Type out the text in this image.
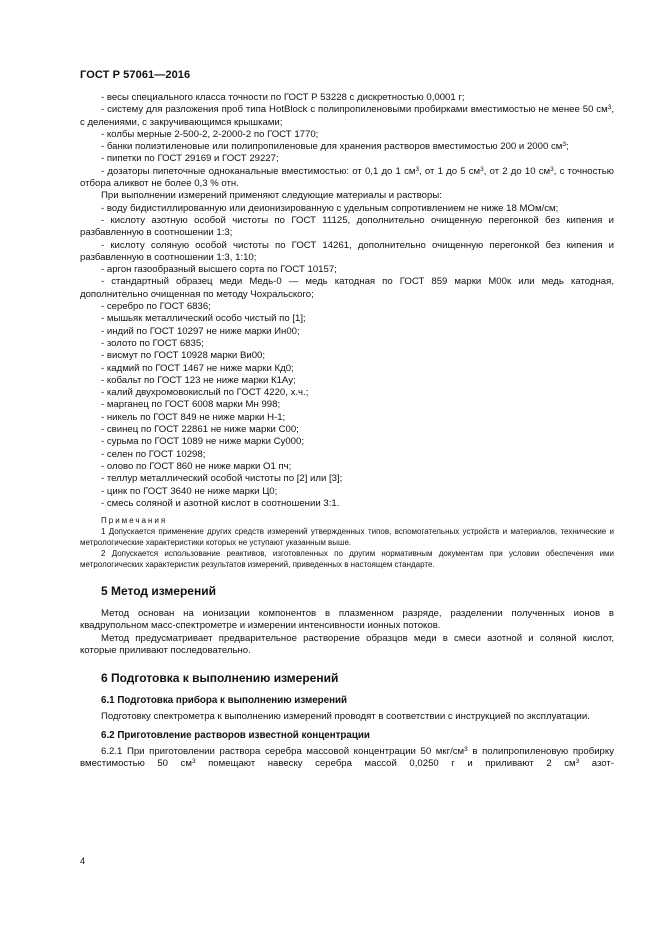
ГОСТ Р 57061—2016

- весы специального класса точности по ГОСТ Р 53228 с дискретностью 0,0001 г;

- систему для разложения проб типа HotBlock с полипропиленовыми пробирками вместимостью не менее 50 $см^3$, с делениями, с закручивающимся крышками;

- колбы мерные 2-500-2, 2-2000-2 по ГОСТ 1770;

- банки полиэтиленовые или полипропиленовые для хранения растворов вместимостью 200 и 2000 $см^3$;

- пипетки по ГОСТ 29169 и ГОСТ 29227;

- дозаторы пипеточные одноканальные вместимостью: от 0,1 до 1 $см^3$, от 1 до 5 $см^3$, от 2 до 10 $см^3$, с точностью отбора аликвот не более 0,3 % отн.

При выполнении измерений применяют следующие материалы и растворы:

- воду бидистиллированную или деионизированную с удельным сопротивлением не ниже 18 МОм/см;

- кислоту азотную особой чистоты по ГОСТ 11125, дополнительно очищенную перегонкой без кипения и разбавленную в соотношении 1:3;

- кислоту соляную особой чистоты по ГОСТ 14261, дополнительно очищенную перегонкой без кипения и разбавленную в соотношении 1:3, 1:10;

- аргон газообразный высшего сорта по ГОСТ 10157;

- стандартный образец меди Медь-0 — медь катодная по ГОСТ 859 марки М00к или медь катодная, дополнительно очищенная по методу Чохральского;

- серебро по ГОСТ 6836;

- мышьяк металлический особо чистый по [1];

- индий по ГОСТ 10297 не ниже марки Ин00;

- золото по ГОСТ 6835;

- висмут по ГОСТ 10928 марки Ви00;

- кадмий по ГОСТ 1467 не ниже марки Кд0;

- кобальт по ГОСТ 123 не ниже марки К1Ау;

- калий двухромовокислый по ГОСТ 4220, х.ч.;

- марганец по ГОСТ 6008 марки Мн 998;

- никель по ГОСТ 849 не ниже марки Н-1;

- свинец по ГОСТ 22861 не ниже марки С00;

- сурьма по ГОСТ 1089 не ниже марки Су000;

- селен по ГОСТ 10298;

- олово по ГОСТ 860 не ниже марки О1 пч;

- теллур металлический особой чистоты по [2] или [3];

- цинк по ГОСТ 3640 не ниже марки Ц0;

- смесь соляной и азотной кислот в соотношении 3:1.

Примечания

1 Допускается применение других средств измерений утвержденных типов, вспомогательных устройств и материалов, технические и метрологические характеристики которых не уступают указанным выше.

2 Допускается использование реактивов, изготовленных по другим нормативным документам при условии обеспечения ими метрологических характеристик результатов измерений, приведенных в настоящем стандарте.

5 Метод измерений

Метод основан на ионизации компонентов в плазменном разряде, разделении полученных ионов в квадрупольном масс-спектрометре и измерении интенсивности ионных потоков.

Метод предусматривает предварительное растворение образцов меди в смеси азотной и соляной кислот, которые приливают последовательно.

6 Подготовка к выполнению измерений
6.1 Подготовка прибора к выполнению измерений

Подготовку спектрометра к выполнению измерений проводят в соответствии с инструкцией по эксплуатации.

6.2 Приготовление растворов известной концентрации

6.2.1 При приготовлении раствора серебра массовой концентрации 50 мкг/$см^3$ в полипропиленовую пробирку вместимостью 50 $см^3$ помещают навеску серебра массой 0,0250 г и приливают 2 $см^3$ азот-

4
